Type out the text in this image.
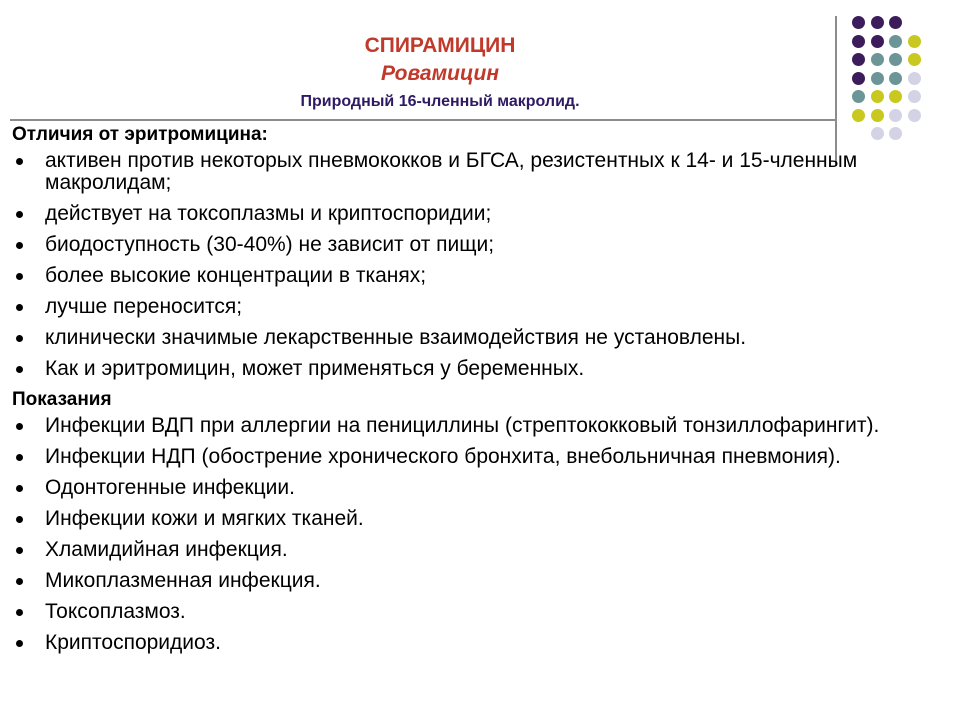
СПИРАМИЦИН
Ровамицин
Природный 16-членный макролид.
Отличия от эритромицина:
активен против некоторых пневмококков и БГСА, резистентных к 14- и 15-членным макролидам;
действует на токсоплазмы и криптоспоридии;
биодоступность (30-40%) не зависит от пищи;
более высокие концентрации в тканях;
лучше переносится;
клинически значимые лекарственные взаимодействия не установлены.
Как и эритромицин, может применяться у беременных.
Показания
Инфекции ВДП при аллергии на пенициллины (стрептококковый тонзиллофарингит).
Инфекции НДП (обострение хронического бронхита, внебольничная пневмония).
Одонтогенные инфекции.
Инфекции кожи и мягких тканей.
Хламидийная инфекция.
Микоплазменная инфекция.
Токсоплазмоз.
Криптоспоридиоз.
